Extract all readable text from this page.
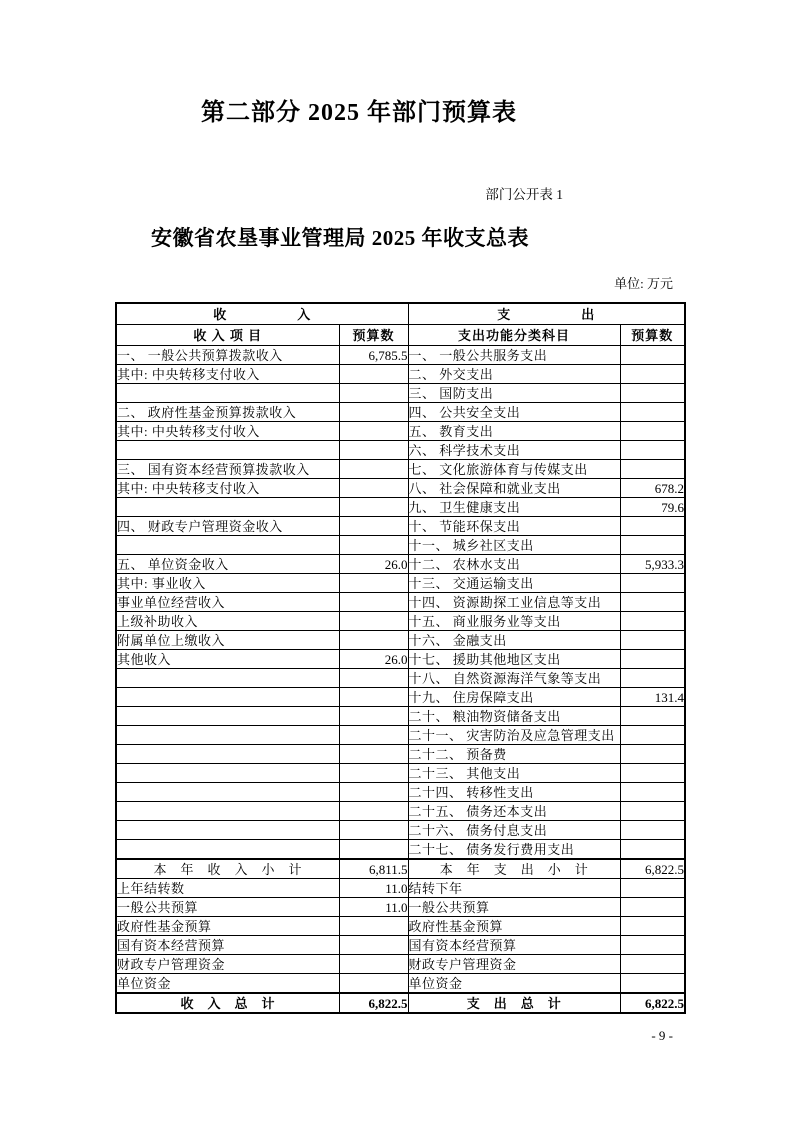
第二部分 2025 年部门预算表
部门公开表 1
安徽省农垦事业管理局 2025 年收支总表
单位: 万元
收　　　　　入		支　　　　　出	
收 入 项 目	预算数	支出功能分类科目	预算数
一、 一般公共预算拨款收入	6,785.5	一、 一般公共服务支出	
其中: 中央转移支付收入		二、 外交支出	
		三、 国防支出	
二、 政府性基金预算拨款收入		四、 公共安全支出	
其中: 中央转移支付收入		五、 教育支出	
		六、 科学技术支出	
三、 国有资本经营预算拨款收入		七、 文化旅游体育与传媒支出	
其中: 中央转移支付收入		八、 社会保障和就业支出	678.2
		九、 卫生健康支出	79.6
四、 财政专户管理资金收入		十、 节能环保支出	
		十一、 城乡社区支出	
五、 单位资金收入	26.0	十二、 农林水支出	5,933.3
其中: 事业收入		十三、 交通运输支出	
事业单位经营收入		十四、 资源勘探工业信息等支出	
上级补助收入		十五、 商业服务业等支出	
附属单位上缴收入		十六、 金融支出	
其他收入	26.0	十七、 援助其他地区支出	
		十八、 自然资源海洋气象等支出	
		十九、 住房保障支出	131.4
		二十、 粮油物资储备支出	
		二十一、 灾害防治及应急管理支出	
		二十二、 预备费	
		二十三、 其他支出	
		二十四、 转移性支出	
		二十五、 债务还本支出	
		二十六、 债务付息支出	
		二十七、 债务发行费用支出	
本　年　收　入　小　计	6,811.5	本　年　支　出　小　计	6,822.5
上年结转数	11.0	结转下年	
一般公共预算	11.0	一般公共预算	
政府性基金预算		政府性基金预算	
国有资本经营预算		国有资本经营预算	
财政专户管理资金		财政专户管理资金	
单位资金		单位资金	
收　入　总　计	6,822.5	支　出　总　计	6,822.5
- 9 -
